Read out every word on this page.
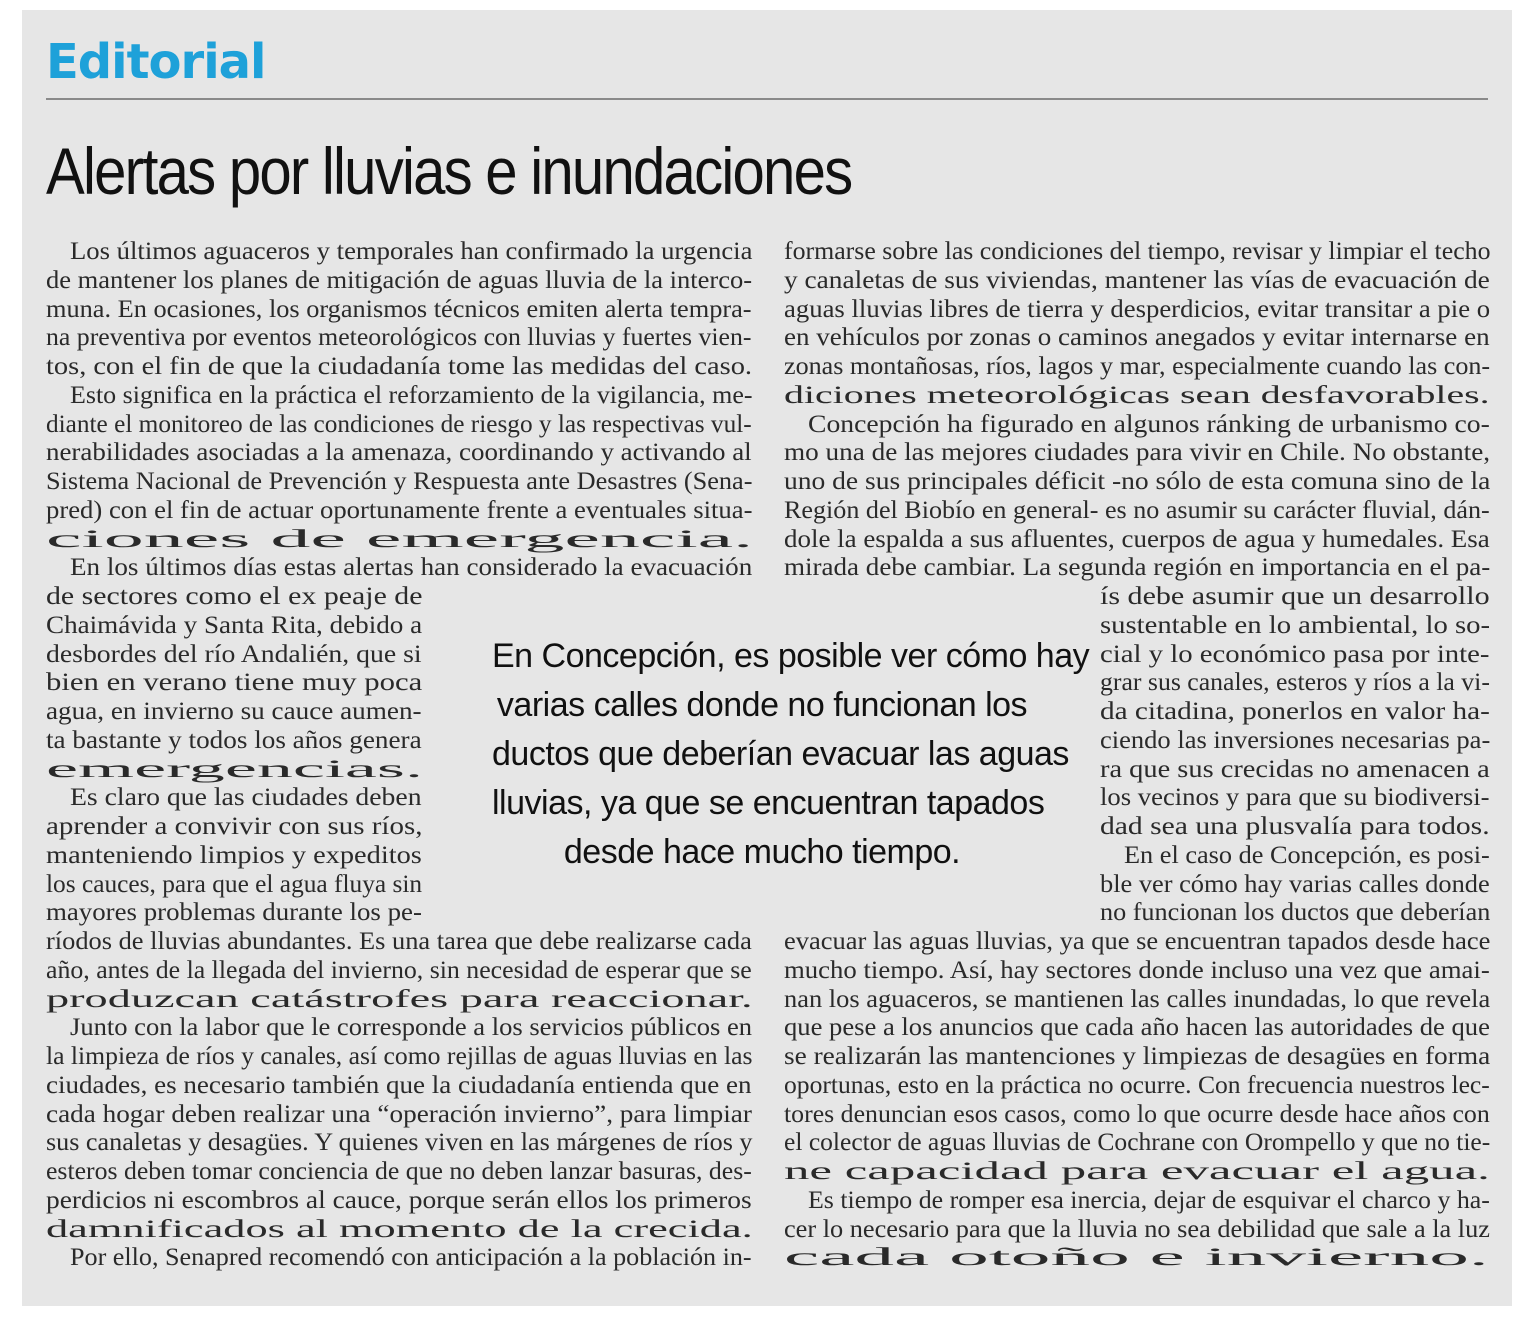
Editorial
Alertas por lluvias e inundaciones
En Concepción, es posible ver cómo hay
varias calles donde no funcionan los
ductos que deberían evacuar las aguas
lluvias, ya que se encuentran tapados
desde hace mucho tiempo.

Los últimos aguaceros y temporales han confirmado la urgencia

de mantener los planes de mitigación de aguas lluvia de la interco-

muna. En ocasiones, los organismos técnicos emiten alerta tempra-

na preventiva por eventos meteorológicos con lluvias y fuertes vien-

tos, con el fin de que la ciudadanía tome las medidas del caso.

Esto significa en la práctica el reforzamiento de la vigilancia, me-

diante el monitoreo de las condiciones de riesgo y las respectivas vul-

nerabilidades asociadas a la amenaza, coordinando y activando al

Sistema Nacional de Prevención y Respuesta ante Desastres (Sena-

pred) con el fin de actuar oportunamente frente a eventuales situa-

ciones de emergencia.

En los últimos días estas alertas han considerado la evacuación

de sectores como el ex peaje de

Chaimávida y Santa Rita, debido a

desbordes del río Andalién, que si

bien en verano tiene muy poca

agua, en invierno su cauce aumen-

ta bastante y todos los años genera

emergencias.

Es claro que las ciudades deben

aprender a convivir con sus ríos,

manteniendo limpios y expeditos

los cauces, para que el agua fluya sin

mayores problemas durante los pe-

ríodos de lluvias abundantes. Es una tarea que debe realizarse cada

año, antes de la llegada del invierno, sin necesidad de esperar que se

produzcan catástrofes para reaccionar.

Junto con la labor que le corresponde a los servicios públicos en

la limpieza de ríos y canales, así como rejillas de aguas lluvias en las

ciudades, es necesario también que la ciudadanía entienda que en

cada hogar deben realizar una “operación invierno”, para limpiar

sus canaletas y desagües. Y quienes viven en las márgenes de ríos y

esteros deben tomar conciencia de que no deben lanzar basuras, des-

perdicios ni escombros al cauce, porque serán ellos los primeros

damnificados al momento de la crecida.

Por ello, Senapred recomendó con anticipación a la población in-

formarse sobre las condiciones del tiempo, revisar y limpiar el techo

y canaletas de sus viviendas, mantener las vías de evacuación de

aguas lluvias libres de tierra y desperdicios, evitar transitar a pie o

en vehículos por zonas o caminos anegados y evitar internarse en

zonas montañosas, ríos, lagos y mar, especialmente cuando las con-

diciones meteorológicas sean desfavorables.

Concepción ha figurado en algunos ránking de urbanismo co-

mo una de las mejores ciudades para vivir en Chile. No obstante,

uno de sus principales déficit -no sólo de esta comuna sino de la

Región del Biobío en general- es no asumir su carácter fluvial, dán-

dole la espalda a sus afluentes, cuerpos de agua y humedales. Esa

mirada debe cambiar. La segunda región en importancia en el pa-

ís debe asumir que un desarrollo

sustentable en lo ambiental, lo so-

cial y lo económico pasa por inte-

grar sus canales, esteros y ríos a la vi-

da citadina, ponerlos en valor ha-

ciendo las inversiones necesarias pa-

ra que sus crecidas no amenacen a

los vecinos y para que su biodiversi-

dad sea una plusvalía para todos.

En el caso de Concepción, es posi-

ble ver cómo hay varias calles donde

no funcionan los ductos que deberían

evacuar las aguas lluvias, ya que se encuentran tapados desde hace

mucho tiempo. Así, hay sectores donde incluso una vez que amai-

nan los aguaceros, se mantienen las calles inundadas, lo que revela

que pese a los anuncios que cada año hacen las autoridades de que

se realizarán las mantenciones y limpiezas de desagües en forma

oportunas, esto en la práctica no ocurre. Con frecuencia nuestros lec-

tores denuncian esos casos, como lo que ocurre desde hace años con

el colector de aguas lluvias de Cochrane con Orompello y que no tie-

ne capacidad para evacuar el agua.

Es tiempo de romper esa inercia, dejar de esquivar el charco y ha-

cer lo necesario para que la lluvia no sea debilidad que sale a la luz

cada otoño e invierno.
